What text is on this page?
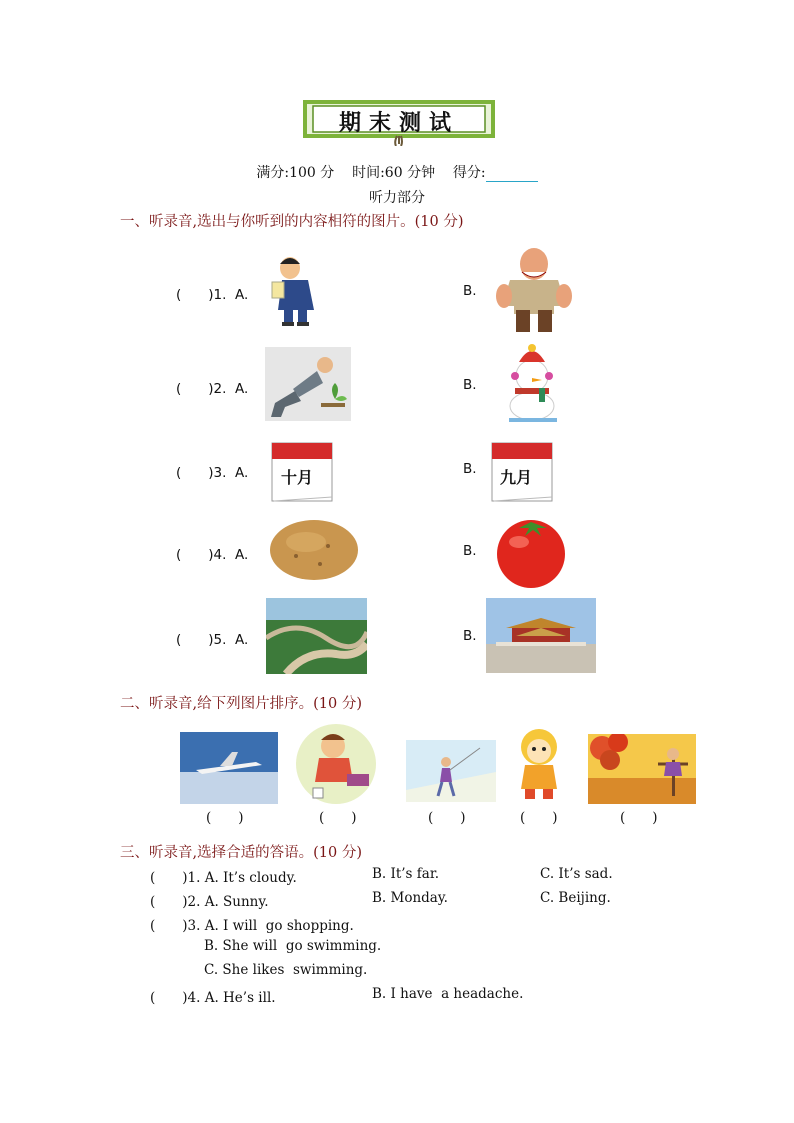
期末测试
满分:100 分 时间:60 分钟 得分:
听力部分
一、听录音,选出与你听到的内容相符的图片。(10 分)
(　　)1.  A.	B.
(　　)2.  A.	B.
(　　)3.  A. 十月	B. 九月
(　　)4.  A.	B.
(　　)5.  A.	B.
二、听录音,给下列图片排序。(10 分)
(　　)	(　　)	(　　)	(　　)	(　　)
三、听录音,选择合适的答语。(10 分)
(　　)1. A. It’s cloudy.	B. It’s far.	C. It’s sad.
(　　)2. A. Sunny.	B. Monday.	C. Beijing.
(　　)3. A. I will  go shopping.
B. She will  go swimming.
C. She likes  swimming.
(　　)4. A. He’s ill.	B. I have  a headache.
